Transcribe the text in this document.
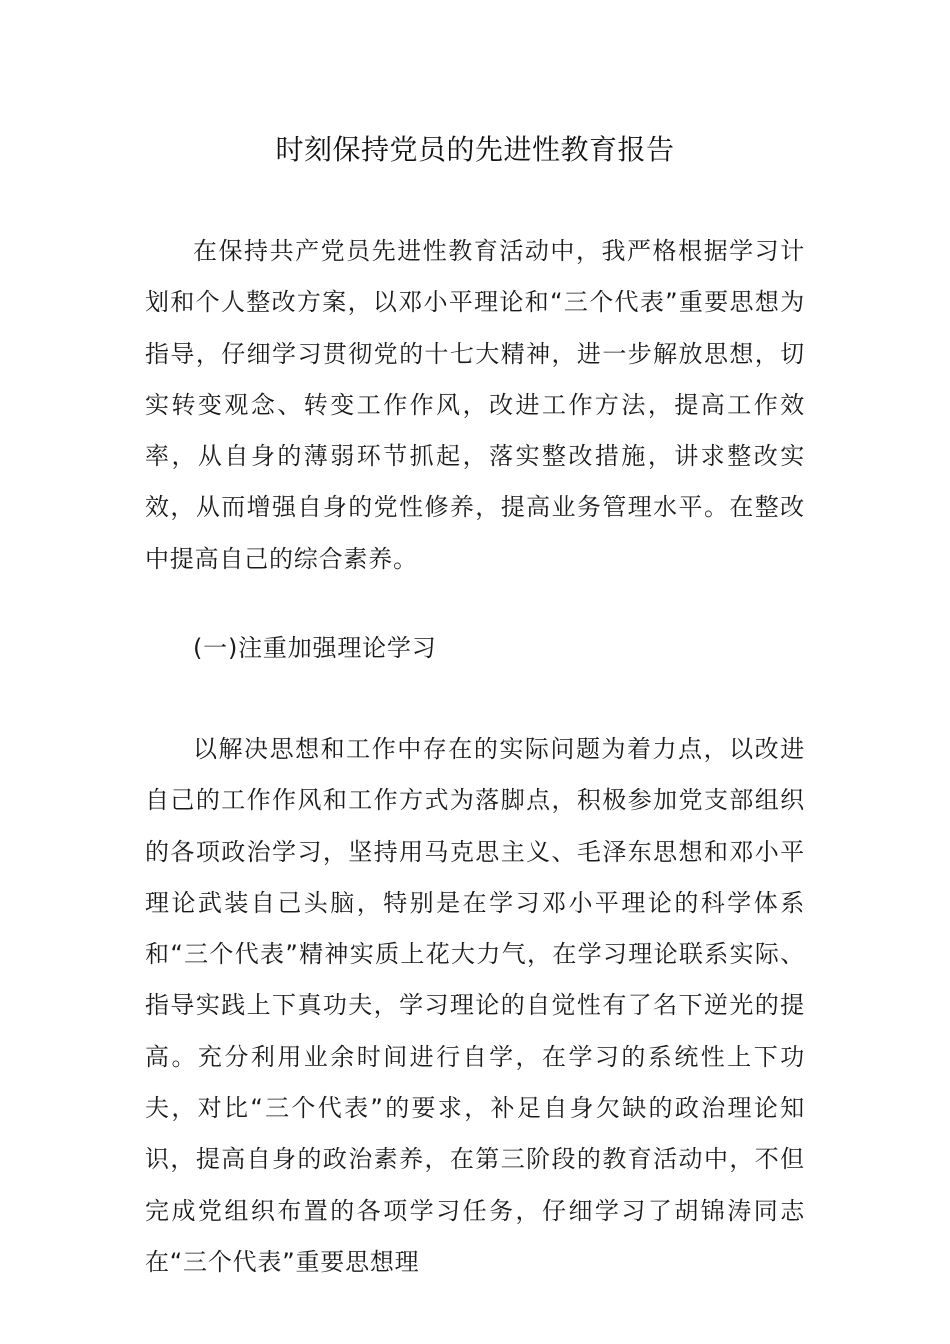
时刻保持党员的先进性教育报告
在保持共产党员先进性教育活动中，我严格根据学习计划和个人整改方案，以邓小平理论和“三个代表”重要思想为指导，仔细学习贯彻党的十七大精神，进一步解放思想，切实转变观念、转变工作作风，改进工作方法，提高工作效率，从自身的薄弱环节抓起，落实整改措施，讲求整改实效，从而增强自身的党性修养，提高业务管理水平。在整改中提高自己的综合素养。
(一)注重加强理论学习
以解决思想和工作中存在的实际问题为着力点，以改进自己的工作作风和工作方式为落脚点，积极参加党支部组织的各项政治学习，坚持用马克思主义、毛泽东思想和邓小平理论武装自己头脑，特别是在学习邓小平理论的科学体系和“三个代表”精神实质上花大力气，在学习理论联系实际、指导实践上下真功夫，学习理论的自觉性有了名下逆光的提高。充分利用业余时间进行自学，在学习的系统性上下功夫，对比“三个代表”的要求，补足自身欠缺的政治理论知识，提高自身的政治素养，在第三阶段的教育活动中，不但完成党组织布置的各项学习任务，仔细学习了胡锦涛同志在“三个代表”重要思想理
